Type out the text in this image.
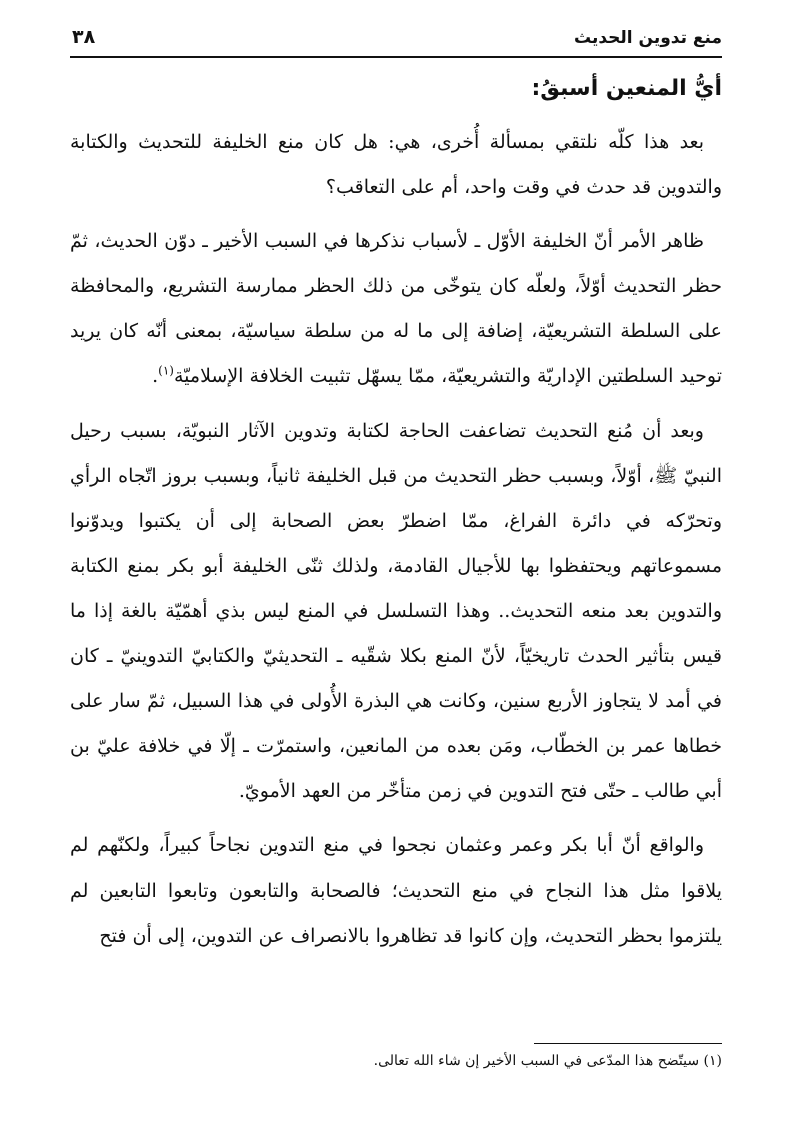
منع تدوين الحديث
٣٨
أيُّ المنعين أسبقُ:

بعد هذا كلّه نلتقي بمسألة أُخرى، هي: هل كان منع الخليفة للتحديث والكتابة والتدوين قد حدث في وقت واحد، أم على التعاقب؟

ظاهر الأمر أنّ الخليفة الأوّل ـ لأسباب نذكرها في السبب الأخير ـ دوّن الحديث، ثمّ حظر التحديث أوّلاً، ولعلّه كان يتوخّى من ذلك الحظر ممارسة التشريع، والمحافظة على السلطة التشريعيّة، إضافة إلى ما له من سلطة سياسيّة، بمعنى أنّه كان يريد توحيد السلطتين الإداريّة والتشريعيّة، ممّا يسهّل تثبيت الخلافة الإسلاميّة$^{(١)}$.

وبعد أن مُنع التحديث تضاعفت الحاجة لكتابة وتدوين الآثار النبويّة، بسبب رحيل النبيّ ﷺ، أوّلاً، وبسبب حظر التحديث من قبل الخليفة ثانياً، وبسبب بروز اتّجاه الرأي وتحرّكه في دائرة الفراغ، ممّا اضطرّ بعض الصحابة إلى أن يكتبوا ويدوّنوا مسموعاتهم ويحتفظوا بها للأجيال القادمة، ولذلك ثنّى الخليفة أبو بكر بمنع الكتابة والتدوين بعد منعه التحديث.. وهذا التسلسل في المنع ليس بذي أهمّيّة بالغة إذا ما قيس بتأثير الحدث تاريخيّاً، لأنّ المنع بكلا شقّيه ـ التحديثيّ والكتابيّ التدوينيّ ـ كان في أمد لا يتجاوز الأربع سنين، وكانت هي البذرة الأُولى في هذا السبيل، ثمّ سار على خطاها عمر بن الخطّاب، ومَن بعده من المانعين، واستمرّت ـ إلّا في خلافة عليّ بن أبي طالب ـ حتّى فتح التدوين في زمن متأخّر من العهد الأمويّ.

والواقع أنّ أبا بكر وعمر وعثمان نجحوا في منع التدوين نجاحاً كبيراً، ولكنّهم لم يلاقوا مثل هذا النجاح في منع التحديث؛ فالصحابة والتابعون وتابعوا التابعين لم يلتزموا بحظر التحديث، وإن كانوا قد تظاهروا بالانصراف عن التدوين، إلى أن فتح

(١) سيتّضح هذا المدّعى في السبب الأخير إن شاء الله تعالى.
